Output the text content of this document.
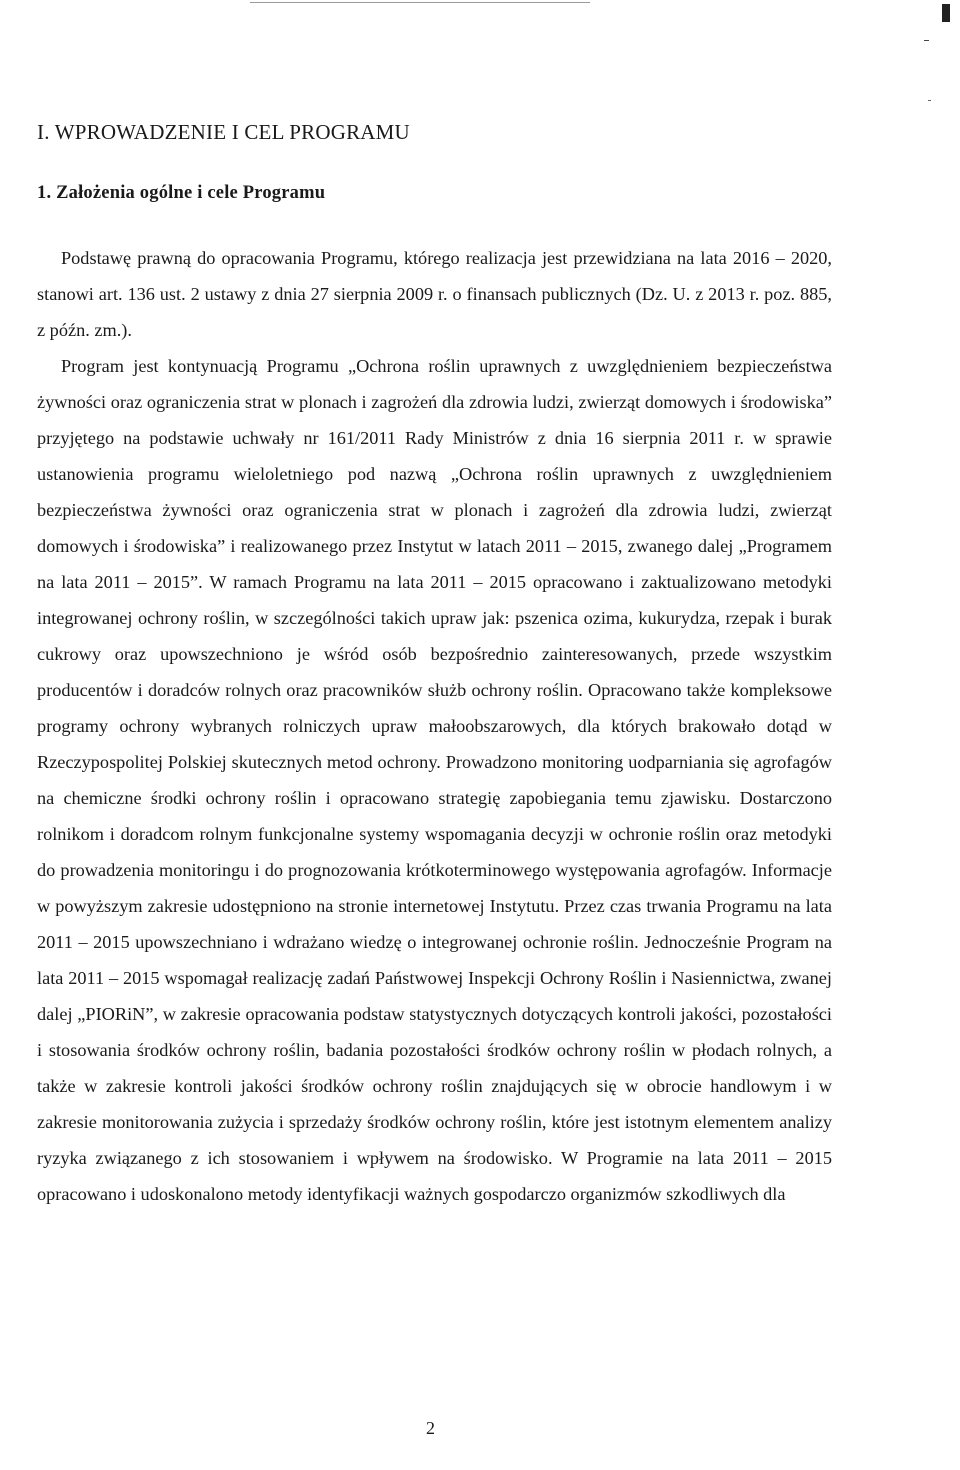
I. WPROWADZENIE I CEL PROGRAMU
1. Założenia ogólne i cele Programu

Podstawę prawną do opracowania Programu, którego realizacja jest przewidziana na lata 2016 – 2020, stanowi art. 136 ust. 2 ustawy z dnia 27 sierpnia 2009 r. o finansach publicznych (Dz. U. z 2013 r. poz. 885, z późn. zm.).

Program jest kontynuacją Programu „Ochrona roślin uprawnych z uwzględnieniem bezpieczeństwa żywności oraz ograniczenia strat w plonach i zagrożeń dla zdrowia ludzi, zwierząt domowych i środowiska” przyjętego na podstawie uchwały nr 161/2011 Rady Ministrów z dnia 16 sierpnia 2011 r. w sprawie ustanowienia programu wieloletniego pod nazwą „Ochrona roślin uprawnych z uwzględnieniem bezpieczeństwa żywności oraz ograniczenia strat w plonach i zagrożeń dla zdrowia ludzi, zwierząt domowych i środowiska” i realizowanego przez Instytut w latach 2011 – 2015, zwanego dalej „Programem na lata 2011 – 2015”. W ramach Programu na lata 2011 – 2015 opracowano i zaktualizowano metodyki integrowanej ochrony roślin, w szczególności takich upraw jak: pszenica ozima, kukurydza, rzepak i burak cukrowy oraz upowszechniono je wśród osób bezpośrednio zainteresowanych, przede wszystkim producentów i doradców rolnych oraz pracowników służb ochrony roślin. Opracowano także kompleksowe programy ochrony wybranych rolniczych upraw małoobszarowych, dla których brakowało dotąd w Rzeczypospolitej Polskiej skutecznych metod ochrony. Prowadzono monitoring uodparniania się agrofagów na chemiczne środki ochrony roślin i opracowano strategię zapobiegania temu zjawisku. Dostarczono rolnikom i doradcom rolnym funkcjonalne systemy wspomagania decyzji w ochronie roślin oraz metodyki do prowadzenia monitoringu i do prognozowania krótkoterminowego występowania agrofagów. Informacje w powyższym zakresie udostępniono na stronie internetowej Instytutu. Przez czas trwania Programu na lata 2011 – 2015 upowszechniano i wdrażano wiedzę o integrowanej ochronie roślin. Jednocześnie Program na lata 2011 – 2015 wspomagał realizację zadań Państwowej Inspekcji Ochrony Roślin i Nasiennictwa, zwanej dalej „PIORiN”, w zakresie opracowania podstaw statystycznych dotyczących kontroli jakości, pozostałości i stosowania środków ochrony roślin, badania pozostałości środków ochrony roślin w płodach rolnych, a także w zakresie kontroli jakości środków ochrony roślin znajdujących się w obrocie handlowym i w zakresie monitorowania zużycia i sprzedaży środków ochrony roślin, które jest istotnym elementem analizy ryzyka związanego z ich stosowaniem i wpływem na środowisko. W Programie na lata 2011 – 2015 opracowano i udoskonalono metody identyfikacji ważnych gospodarczo organizmów szkodliwych dla

2
